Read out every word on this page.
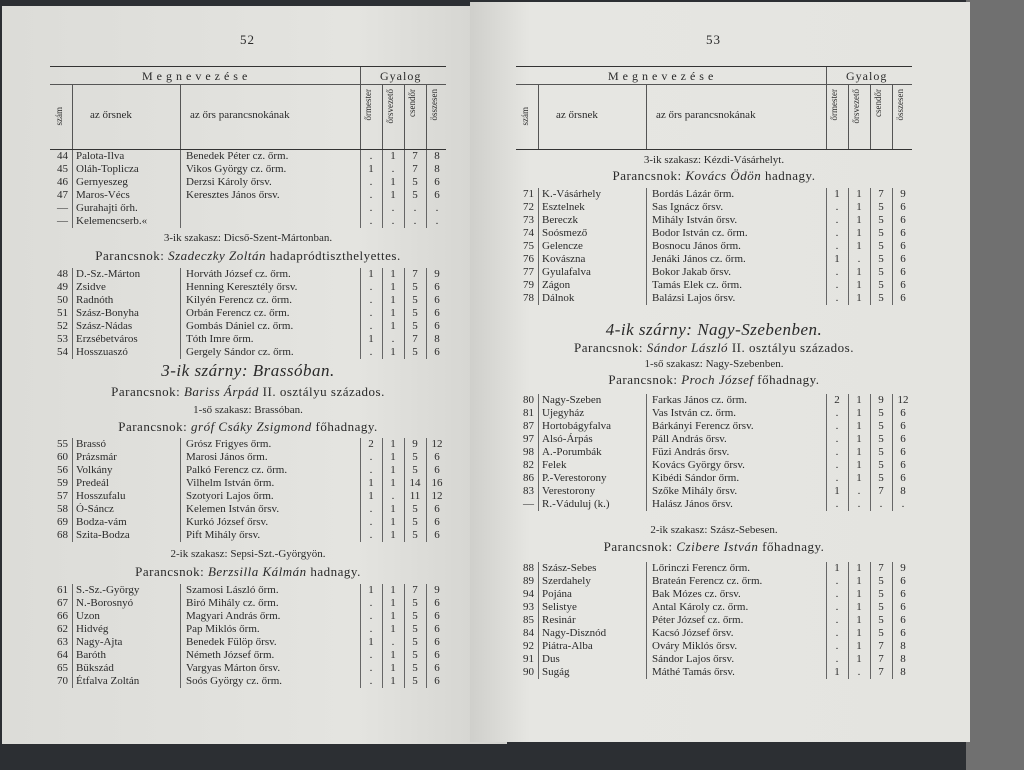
52
Megnevezése	Gyalog
szám az őrsnek	az őrs parancsnokának	őrmester őrsvezető csendőr összesen
44 Palota-Ilva	Benedek Péter cz. őrm.	.	1	7	8
45 Oláh-Toplicza	Vikos György cz. őrm.	1	.	7	8
46 Gernyeszeg	Derzsi Károly őrsv.	.	1	5	6
47 Maros-Vécs	Keresztes János őrsv.	.	1	5	6
— Gurahajti őrh.	.	.	.	.
— Kelemencserb.«	.	.	.	.
3-ik szakasz: Dicső-Szent-Mártonban.
Parancsnok: Szadeczky Zoltán hadapródtiszthelyettes.
48 D.-Sz.-Márton	Horváth József cz. őrm.	1	1	7	9
49 Zsidve	Henning Keresztély őrsv.	.	1	5	6
50 Radnóth	Kilyén Ferencz cz. őrm.	.	1	5	6
51 Szász-Bonyha	Orbán Ferencz cz. őrm.	.	1	5	6
52 Szász-Nádas	Gombás Dániel cz. őrm.	.	1	5	6
53 Erzsébetváros	Tóth Imre őrm.	1	.	7	8
54 Hosszuaszó	Gergely Sándor cz. őrm.	.	1	5	6
3-ik szárny: Brassóban.
Parancsnok: Bariss Árpád II. osztályu százados.
1-ső szakasz: Brassóban.
Parancsnok: gróf Csáky Zsigmond főhadnagy.
55 Brassó	Grósz Frigyes őrm.	2	1	9	12
60 Prázsmár	Marosi János őrm.	.	1	5	6
56 Volkány	Palkó Ferencz cz. őrm.	.	1	5	6
59 Predeál	Vilhelm István őrm.	1	1	14 16
57 Hosszufalu	Szotyori Lajos őrm.	1	.	11 12
58 Ó-Sáncz	Kelemen István őrsv.	.	1	5	6
69 Bodza-vám	Kurkó József őrsv.	.	1	5	6
68 Szita-Bodza	Pift Mihály őrsv.	.	1	5	6
2-ik szakasz: Sepsi-Szt.-Györgyön.
Parancsnok: Berzsilla Kálmán hadnagy.
61 S.-Sz.-György	Szamosi László őrm.	1	1	7	9
67 N.-Borosnyó	Biró Mihály cz. őrm.	.	1	5	6
66 Uzon	Magyari András őrm.	.	1	5	6
62 Hidvég	Pap Miklós őrm.	.	1	5	6
63 Nagy-Ajta	Benedek Fülöp őrsv.	1	.	5	6
64 Baróth	Németh József őrm.	.	1	5	6
65 Bükszád	Vargyas Márton őrsv.	.	1	5	6
70 Étfalva Zoltán	Soós György cz. őrm.	.	1	5	6
53
Megnevezése	Gyalog
szám az őrsnek	az őrs parancsnokának	őrmester őrsvezető csendőr összesen
3-ik szakasz: Kézdi-Vásárhelyt.
Parancsnok: Kovács Ödön hadnagy.
71 K.-Vásárhely	Bordás Lázár őrm.	1	1	7	9
72 Esztelnek	Sas Ignácz őrsv.	.	1	5	6
73 Bereczk	Mihály István őrsv.	.	1	5	6
74 Soósmező	Bodor István cz. őrm.	.	1	5	6
75 Gelencze	Bosnocu János őrm.	.	1	5	6
76 Kovászna	Jenáki János cz. őrm.	1	.	5	6
77 Gyulafalva	Bokor Jakab őrsv.	.	1	5	6
79 Zágon	Tamás Elek cz. őrm.	.	1	5	6
78 Dálnok	Balázsi Lajos őrsv.	.	1	5	6
4-ik szárny: Nagy-Szebenben.
Parancsnok: Sándor László II. osztályu százados.
1-ső szakasz: Nagy-Szebenben.
Parancsnok: Proch József főhadnagy.
80 Nagy-Szeben	Farkas János cz. őrm.	2	1	9	12
81 Ujegyház	Vas István cz. őrm.	.	1	5	6
87 Hortobágyfalva	Bárkányi Ferencz őrsv.	.	1	5	6
97 Alsó-Árpás	Páll András őrsv.	.	1	5	6
98 A.-Porumbák	Füzi András őrsv.	.	1	5	6
82 Felek	Kovács György őrsv.	.	1	5	6
86 P.-Verestorony	Kibédi Sándor őrm.	.	1	5	6
83 Verestorony	Szőke Mihály őrsv.	1	.	7	8
— R.-Váduluj (k.)	Halász János őrsv.	.	.	.	.
2-ik szakasz: Szász-Sebesen.
Parancsnok: Czibere István főhadnagy.
88 Szász-Sebes	Lőrinczi Ferencz őrm.	1	1	7	9
89 Szerdahely	Brateán Ferencz cz. őrm.	.	1	5	6
94 Pojána	Bak Mózes cz. őrsv.	.	1	5	6
93 Selistye	Antal Károly cz. őrm.	.	1	5	6
85 Resinár	Péter József cz. őrm.	.	1	5	6
84 Nagy-Disznód	Kacsó József őrsv.	.	1	5	6
92 Piátra-Alba	Ováry Miklós őrsv.	.	1	7	8
91 Dus	Sándor Lajos őrsv.	.	1	7	8
90 Sugág	Máthé Tamás őrsv.	1	.	7	8
